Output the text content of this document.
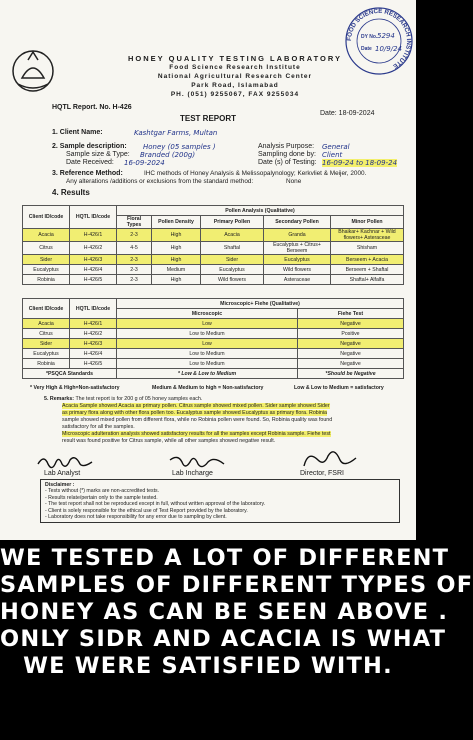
HONEY QUALITY TESTING LABORATORY
Food Science Research Institute
National Agricultural Research Center
Park Road, Islamabad
PH. (051) 9255067, FAX 9255034
FOOD SCIENCE RESEARCH INSTITUTE
DY No. 5294
Date 10/9/24
HQTL Report. No. H-426
Date: 18-09-2024
TEST REPORT
1. Client Name:	Kashtgar Farms, Multan
2. Sample description: Honey (05 samples )
Sample size & Type: Branded (200g)
Date Received: 16-09-2024
Analysis Purpose: General
Sampling done by: Client
Date (s) of Testing: 16-09-24 to 18-09-24
3. Reference Method:	IHC methods of Honey Analysis & Melissopalynology; Kerkvliet & Meijer, 2000.
Any alterations /additions or exclusions from the standard method:	None
4. Results
Client ID/code	HQTL ID/code	Pollen Analysis (Qualitative)				
		Floral Types	Pollen Density	Primary Pollen	Secondary Pollen	Minor Pollen
Acacia	H-426/1	2-3	High	Acacia	Granda	Bhaikar+ Kachnar + Wild flowers+ Asteraceae
Citrus	H-426/2	4-5	High	Shaftal	Eucalyptus + Citrus+ Berseem	Shisham
Sider	H-426/3	2-3	High	Sider	Eucalyptus	Berseem + Acacia
Eucalyptus	H-426/4	2-3	Medium	Eucalyptus	Wild flowers	Berseem + Shaftal
Robinia	H-426/5	2-3	High	Wild flowers	Asteraceae	Shaftal+ Alfalfa
Client ID/code	HQTL ID/code	Microscopic+ Fiehe (Qualitative)	
		Microscopic	Fiehe Test
Acacia	H-426/1	Low	Negative
Citrus	H-426/2	Low to Medium	Positive
Sider	H-426/3	Low	Negative
Eucalyptus	H-426/4	Low to Medium	Negative
Robinia	H-426/5	Low to Medium	Negative
*PSQCA Standards		* Low & Low to Medium	*Should be Negative
* Very High & High=Non-satisfactory	Medium & Medium to high = Non-satisfactory	Low & Low to Medium = satisfactory
5. Remarks: The test report is for 200 g of 05 honey samples each.
Acacia Sample showed Acacia as primary pollen. Citrus sample showed mixed pollen. Sider sample showed Sider
as primary flora along with other flora pollen too. Eucalyptus sample showed Eucalyptus as primary flora. Robinia
sample showed mixed pollen from different flora, while no Robinia pollen were found. So, Robinia quality was found
satisfactory for all the samples.
Microscopic adulteration analysis showed satisfactory results for all the samples except Robinia sample. Fiehe test
result was found positive for Citrus sample, while all other samples showed negative result.
Lab Analyst	Lab Incharge	Director, FSRI
Disclaimer :
- Tests without (*) marks are non-accredited tests.
- Results relate/pertain only to the sample tested.
- The test report shall not be reproduced except in full, without written approval of the laboratory.
- Client is solely responsible for the ethical use of Test Report provided by the laboratory.
- Laboratory does not take responsibility for any error due to sampling by client.
WE TESTED A LOT OF DIFFERENT
SAMPLES OF DIFFERENT TYPES OF
HONEY AS CAN BE SEEN ABOVE .
ONLY SIDR AND ACACIA IS WHAT
WE WERE SATISFIED WITH.
